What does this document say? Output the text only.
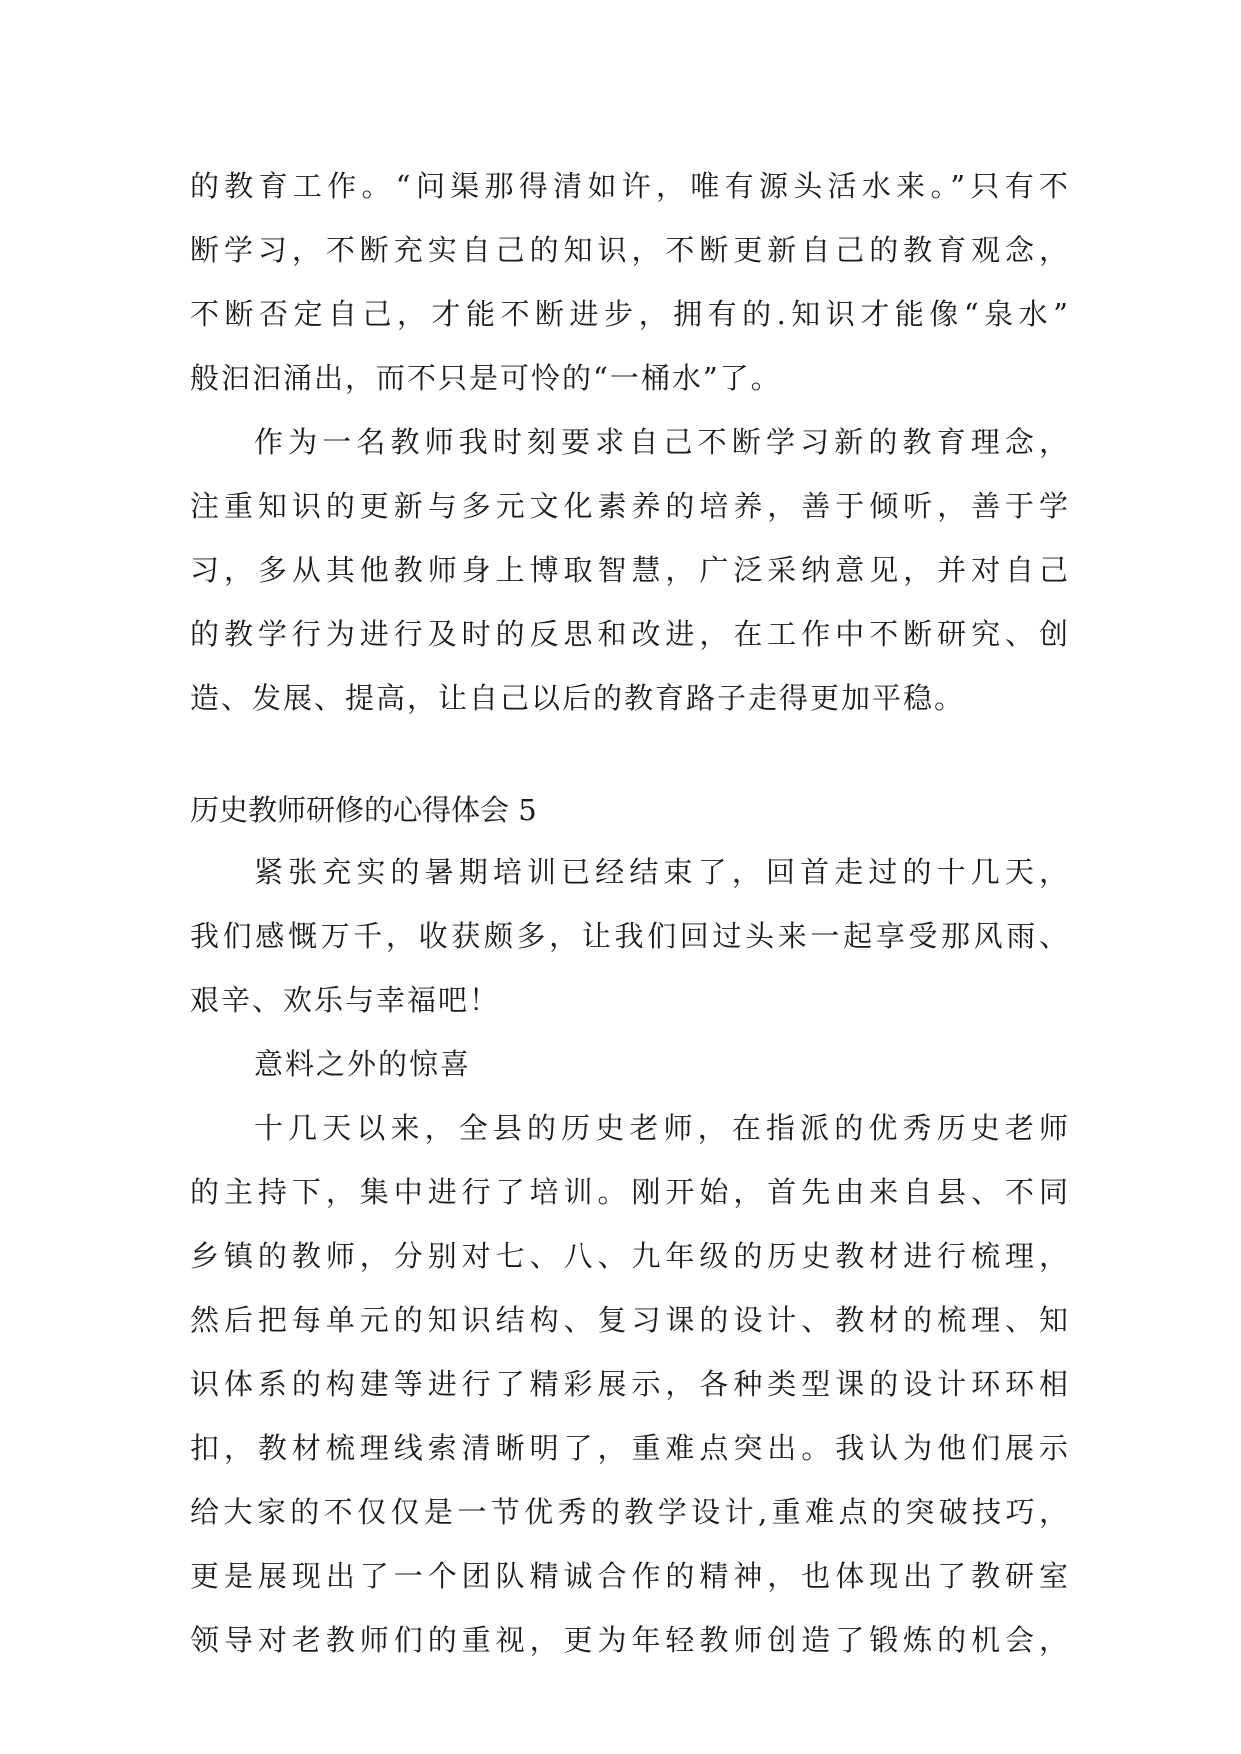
的教育工作。“问渠那得清如许，唯有源头活水来。”只有不
断学习，不断充实自己的知识，不断更新自己的教育观念，
不断否定自己，才能不断进步，拥有的.知识才能像“泉水”
般汩汩涌出，而不只是可怜的“一桶水”了。
作为一名教师我时刻要求自己不断学习新的教育理念，
注重知识的更新与多元文化素养的培养，善于倾听，善于学
习，多从其他教师身上博取智慧，广泛采纳意见，并对自己
的教学行为进行及时的反思和改进，在工作中不断研究、创
造、发展、提高，让自己以后的教育路子走得更加平稳。
历史教师研修的心得体会 5
紧张充实的暑期培训已经结束了，回首走过的十几天，
我们感慨万千，收获颇多，让我们回过头来一起享受那风雨、
艰辛、欢乐与幸福吧！
意料之外的惊喜
十几天以来，全县的历史老师，在指派的优秀历史老师
的主持下，集中进行了培训。刚开始，首先由来自县、不同
乡镇的教师，分别对七、八、九年级的历史教材进行梳理，
然后把每单元的知识结构、复习课的设计、教材的梳理、知
识体系的构建等进行了精彩展示，各种类型课的设计环环相
扣，教材梳理线索清晰明了，重难点突出。我认为他们展示
给大家的不仅仅是一节优秀的教学设计,重难点的突破技巧，
更是展现出了一个团队精诚合作的精神，也体现出了教研室
领导对老教师们的重视，更为年轻教师创造了锻炼的机会，
